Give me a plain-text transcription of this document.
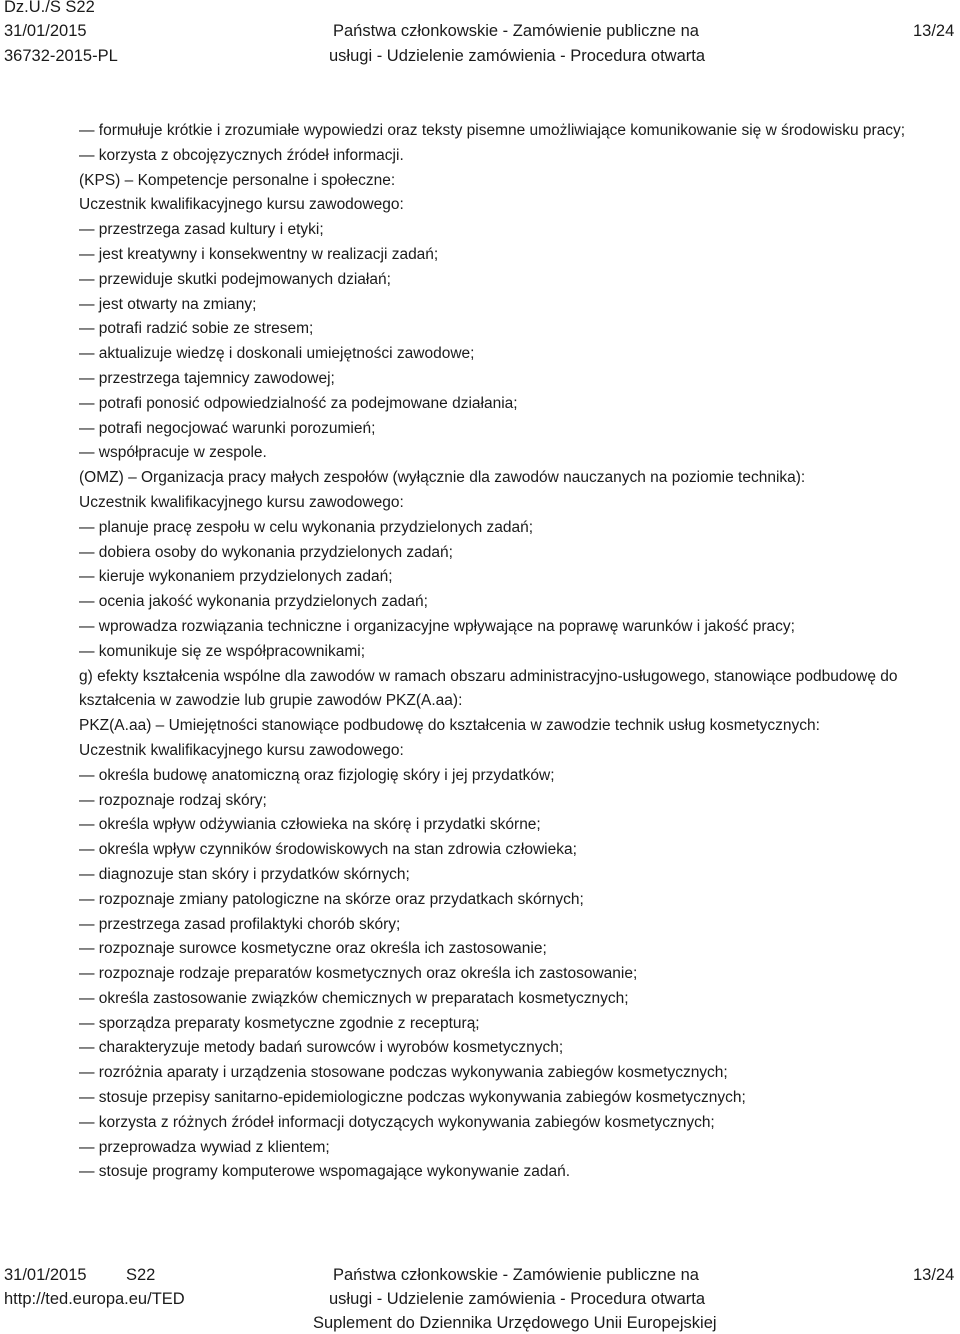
Dz.U./S S22
31/01/2015
36732-2015-PL
Państwa członkowskie - Zamówienie publiczne na
usługi - Udzielenie zamówienia - Procedura otwarta
13/24
— formułuje krótkie i zrozumiałe wypowiedzi oraz teksty pisemne umożliwiające komunikowanie się w środowisku pracy;
— korzysta z obcojęzycznych źródeł informacji.
(KPS) – Kompetencje personalne i społeczne:
Uczestnik kwalifikacyjnego kursu zawodowego:
— przestrzega zasad kultury i etyki;
— jest kreatywny i konsekwentny w realizacji zadań;
— przewiduje skutki podejmowanych działań;
— jest otwarty na zmiany;
— potrafi radzić sobie ze stresem;
— aktualizuje wiedzę i doskonali umiejętności zawodowe;
— przestrzega tajemnicy zawodowej;
— potrafi ponosić odpowiedzialność za podejmowane działania;
— potrafi negocjować warunki porozumień;
— współpracuje w zespole.
(OMZ) – Organizacja pracy małych zespołów (wyłącznie dla zawodów nauczanych na poziomie technika):
Uczestnik kwalifikacyjnego kursu zawodowego:
— planuje pracę zespołu w celu wykonania przydzielonych zadań;
— dobiera osoby do wykonania przydzielonych zadań;
— kieruje wykonaniem przydzielonych zadań;
— ocenia jakość wykonania przydzielonych zadań;
— wprowadza rozwiązania techniczne i organizacyjne wpływające na poprawę warunków i jakość pracy;
— komunikuje się ze współpracownikami;
g) efekty kształcenia wspólne dla zawodów w ramach obszaru administracyjno-usługowego, stanowiące podbudowę do kształcenia w zawodzie lub grupie zawodów PKZ(A.aa):
PKZ(A.aa) – Umiejętności stanowiące podbudowę do kształcenia w zawodzie technik usług kosmetycznych:
Uczestnik kwalifikacyjnego kursu zawodowego:
— określa budowę anatomiczną oraz fizjologię skóry i jej przydatków;
— rozpoznaje rodzaj skóry;
— określa wpływ odżywiania człowieka na skórę i przydatki skórne;
— określa wpływ czynników środowiskowych na stan zdrowia człowieka;
— diagnozuje stan skóry i przydatków skórnych;
— rozpoznaje zmiany patologiczne na skórze oraz przydatkach skórnych;
— przestrzega zasad profilaktyki chorób skóry;
— rozpoznaje surowce kosmetyczne oraz określa ich zastosowanie;
— rozpoznaje rodzaje preparatów kosmetycznych oraz określa ich zastosowanie;
— określa zastosowanie związków chemicznych w preparatach kosmetycznych;
— sporządza preparaty kosmetyczne zgodnie z recepturą;
— charakteryzuje metody badań surowców i wyrobów kosmetycznych;
— rozróżnia aparaty i urządzenia stosowane podczas wykonywania zabiegów kosmetycznych;
— stosuje przepisy sanitarno-epidemiologiczne podczas wykonywania zabiegów kosmetycznych;
— korzysta z różnych źródeł informacji dotyczących wykonywania zabiegów kosmetycznych;
— przeprowadza wywiad z klientem;
— stosuje programy komputerowe wspomagające wykonywanie zadań.
31/01/2015 S22
http://ted.europa.eu/TED
Państwa członkowskie - Zamówienie publiczne na
usługi - Udzielenie zamówienia - Procedura otwarta
Suplement do Dziennika Urzędowego Unii Europejskiej
13/24
